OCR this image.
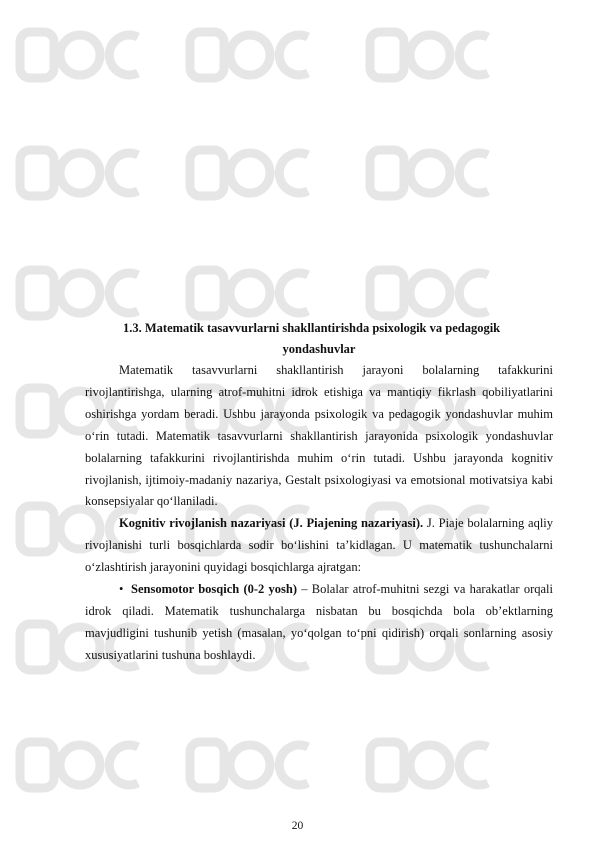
1.3. Matematik tasavvurlarni shakllantirishda psixologik va pedagogik
yondashuvlar

Matematik tasavvurlarni shakllantirish jarayoni bolalarning tafakkurini rivojlantirishga, ularning atrof-muhitni idrok etishiga va mantiqiy fikrlash qobiliyatlarini oshirishga yordam beradi. Ushbu jarayonda psixologik va pedagogik yondashuvlar muhim o‘rin tutadi. Matematik tasavvurlarni shakllantirish jarayonida psixologik yondashuvlar bolalarning tafakkurini rivojlantirishda muhim o‘rin tutadi. Ushbu jarayonda kognitiv rivojlanish, ijtimoiy-madaniy nazariya, Gestalt psixologiyasi va emotsional motivatsiya kabi konsepsiyalar qo‘llaniladi.

Kognitiv rivojlanish nazariyasi (J. Piajening nazariyasi). J. Piaje bolalarning aqliy rivojlanishi turli bosqichlarda sodir bo‘lishini ta’kidlagan. U matematik tushunchalarni o‘zlashtirish jarayonini quyidagi bosqichlarga ajratgan:

• Sensomotor bosqich (0-2 yosh) – Bolalar atrof-muhitni sezgi va harakatlar orqali idrok qiladi. Matematik tushunchalarga nisbatan bu bosqichda bola ob’ektlarning mavjudligini tushunib yetish (masalan, yo‘qolgan to‘pni qidirish) orqali sonlarning asosiy xususiyatlarini tushuna boshlaydi.

20
